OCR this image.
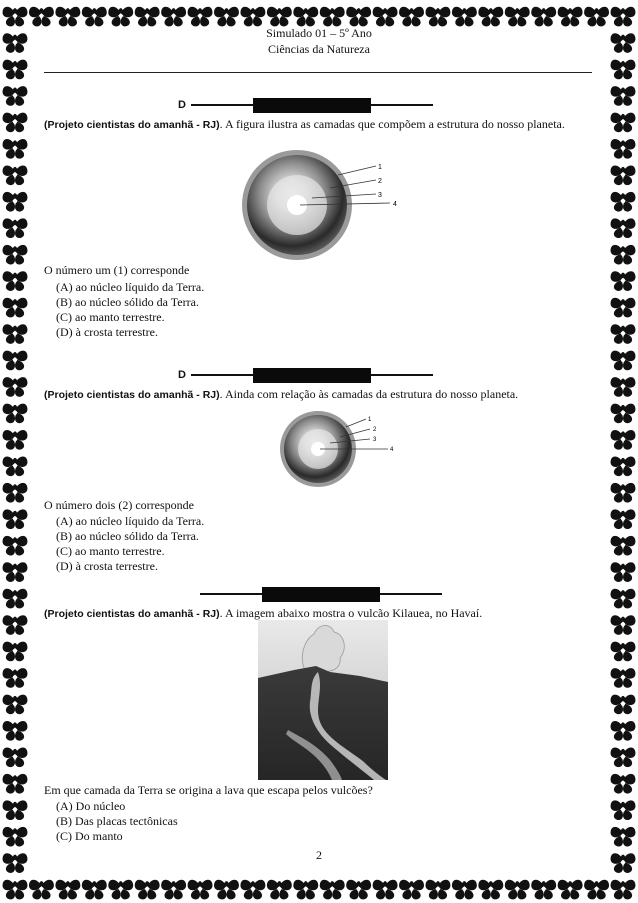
Simulado 01 – 5º Ano
Ciências da Natureza
D
(Projeto cientistas do amanhã - RJ). A figura ilustra as camadas que compõem a estrutura do nosso planeta.
1
2
3
4
O número um (1) corresponde
(A) ao núcleo líquido da Terra.
(B) ao núcleo sólido da Terra.
(C) ao manto terrestre.
(D) à crosta terrestre.
D
(Projeto cientistas do amanhã - RJ). Ainda com relação às camadas da estrutura do nosso planeta.
1
2
3
4
O número dois (2) corresponde
(A) ao núcleo líquido da Terra.
(B) ao núcleo sólido da Terra.
(C) ao manto terrestre.
(D) à crosta terrestre.
(Projeto cientistas do amanhã - RJ). A imagem abaixo mostra o vulcão Kilauea, no Havaí.
Em que camada da Terra se origina a lava que escapa pelos vulcões?
(A) Do núcleo
(B) Das placas tectônicas
(C) Do manto
2
